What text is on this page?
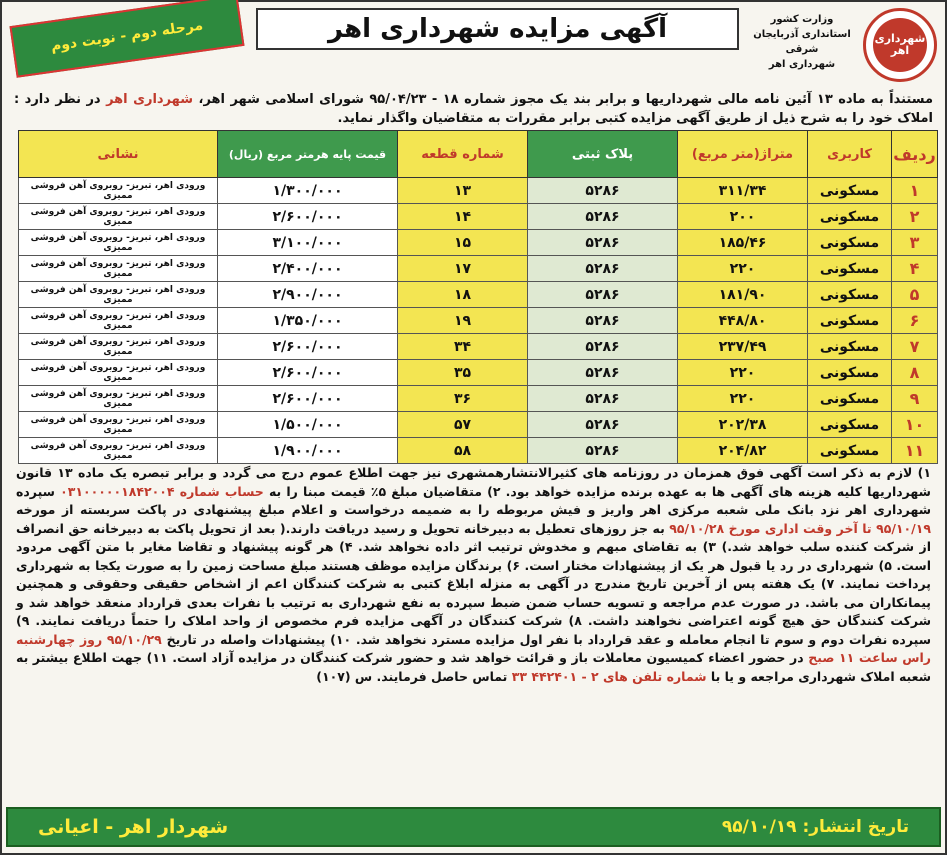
شهرداری اهر
وزارت کشور
استانداری آذربایجان شرقی
شهرداری اهر
آگهی مزایده شهرداری اهر
مرحله دوم - نوبت دوم
مستنداً به ماده ۱۳ آئین نامه مالی شهرداریها و برابر بند یک مجوز شماره ۱۸ - ۹۵/۰۴/۲۳ شورای اسلامی شهر اهر، شهرداری اهر در نظر دارد : املاک خود را به شرح ذیل از طریق آگهی مزایده کتبی برابر مقررات به متقاضیان واگذار نماید.
ردیف	کاربری	متراژ(متر مربع)	پلاک ثبتی	شماره قطعه	قیمت پایه هرمتر مربع (ریال)	نشانی
۱	مسکونی	۳۱۱/۳۴	۵۲۸۶	۱۳	۱/۳۰۰/۰۰۰	ورودی اهر، تبریز- روبروی آهن فروشی ممیزی
۲	مسکونی	۲۰۰	۵۲۸۶	۱۴	۲/۶۰۰/۰۰۰	ورودی اهر، تبریز- روبروی آهن فروشی ممیزی
۳	مسکونی	۱۸۵/۴۶	۵۲۸۶	۱۵	۳/۱۰۰/۰۰۰	ورودی اهر، تبریز- روبروی آهن فروشی ممیزی
۴	مسکونی	۲۲۰	۵۲۸۶	۱۷	۲/۴۰۰/۰۰۰	ورودی اهر، تبریز- روبروی آهن فروشی ممیزی
۵	مسکونی	۱۸۱/۹۰	۵۲۸۶	۱۸	۲/۹۰۰/۰۰۰	ورودی اهر، تبریز- روبروی آهن فروشی ممیزی
۶	مسکونی	۴۴۸/۸۰	۵۲۸۶	۱۹	۱/۳۵۰/۰۰۰	ورودی اهر، تبریز- روبروی آهن فروشی ممیزی
۷	مسکونی	۲۳۷/۴۹	۵۲۸۶	۳۴	۲/۶۰۰/۰۰۰	ورودی اهر، تبریز- روبروی آهن فروشی ممیزی
۸	مسکونی	۲۲۰	۵۲۸۶	۳۵	۲/۶۰۰/۰۰۰	ورودی اهر، تبریز- روبروی آهن فروشی ممیزی
۹	مسکونی	۲۲۰	۵۲۸۶	۳۶	۲/۶۰۰/۰۰۰	ورودی اهر، تبریز- روبروی آهن فروشی ممیزی
۱۰	مسکونی	۲۰۲/۳۸	۵۲۸۶	۵۷	۱/۵۰۰/۰۰۰	ورودی اهر، تبریز- روبروی آهن فروشی ممیزی
۱۱	مسکونی	۲۰۴/۸۲	۵۲۸۶	۵۸	۱/۹۰۰/۰۰۰	ورودی اهر، تبریز- روبروی آهن فروشی ممیزی
۱) لازم به ذکر است آگهی فوق همزمان در روزنامه های کثیرالانتشارهمشهری نیز جهت اطلاع عموم درج می گردد و برابر تبصره یک ماده ۱۳ قانون شهرداریها کلیه هزینه های آگهی ها به عهده برنده مزایده خواهد بود. ۲) متقاضیان مبلغ ۵٪ قیمت مبنا را به حساب شماره ۰۳۱۰۰۰۰۰۱۸۴۲۰۰۴ سپرده شهرداری اهر نزد بانک ملی شعبه مرکزی اهر واریز و فیش مربوطه را به ضمیمه درخواست و اعلام مبلغ پیشنهادی در پاکت سربسته از مورخه ۹۵/۱۰/۱۹ تا آخر وقت اداری مورخ ۹۵/۱۰/۲۸ به جز روزهای تعطیل به دبیرخانه تحویل و رسید دریافت دارند.( بعد از تحویل پاکت به دبیرخانه حق انصراف از شرکت کننده سلب خواهد شد.) ۳) به تقاضای مبهم و مخدوش ترتیب اثر داده نخواهد شد. ۴) هر گونه پیشنهاد و تقاضا مغایر با متن آگهی مردود است. ۵) شهرداری در رد یا قبول هر یک از پیشنهادات مختار است. ۶) برندگان مزایده موظف هستند مبلغ مساحت زمین را به صورت یکجا به شهرداری پرداخت نمایند. ۷) یک هفته پس از آخرین تاریخ مندرج در آگهی به منزله ابلاغ کتبی به شرکت کنندگان اعم از اشخاص حقیقی وحقوقی و همچنین پیمانکاران می باشد. در صورت عدم مراجعه و تسویه حساب ضمن ضبط سپرده به نفع شهرداری به ترتیب با نفرات بعدی قرارداد منعقد خواهد شد و شرکت کنندگان حق هیچ گونه اعتراضی نخواهند داشت. ۸) شرکت کنندگان در آگهی مزایده فرم مخصوص از واحد املاک را حتماً دریافت نمایند. ۹) سپرده نفرات دوم و سوم تا انجام معامله و عقد قرارداد با نفر اول مزایده مسترد نخواهد شد. ۱۰) پیشنهادات واصله در تاریخ ۹۵/۱۰/۲۹ روز چهارشنبه راس ساعت ۱۱ صبح در حضور اعضاء کمیسیون معاملات باز و قرائت خواهد شد و حضور شرکت کنندگان در مزایده آزاد است. ۱۱) جهت اطلاع بیشتر به شعبه املاک شهرداری مراجعه و یا با شماره تلفن های ۲ - ۴۴۲۴۰۱ ۳۳ تماس حاصل فرمایند. س (۱۰۷)
تاریخ انتشار: ۹۵/۱۰/۱۹
شهردار اهر - اعیانی
